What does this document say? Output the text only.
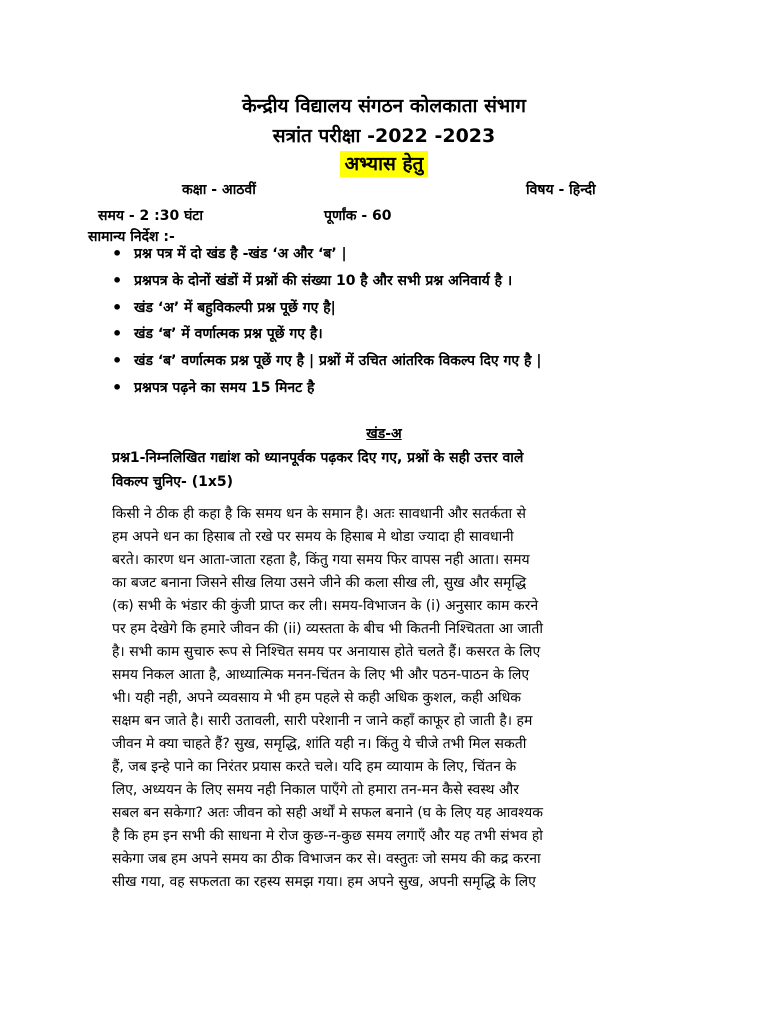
केन्द्रीय विद्यालय संगठन कोलकाता संभाग
सत्रांत परीक्षा -2022 -2023
अभ्यास हेतु
कक्षा - आठवीं	विषय - हिन्दी
समय - 2 :30 घंटा	पूर्णांक - 60
सामान्य निर्देश :-
• प्रश्न पत्र में दो खंड है -खंड ‘अ और ‘ब’ |
• प्रश्नपत्र के दोनों खंडों में प्रश्नों की संख्या 10 है और सभी प्रश्न अनिवार्य है ।
• खंड ‘अ’ में बहुविकल्पी प्रश्न पूछें गए है|
• खंड ‘ब’ में वर्णात्मक प्रश्न पूछें गए है।
• खंड ‘ब’ वर्णात्मक प्रश्न पूछें गए है | प्रश्नों में उचित आंतरिक विकल्प दिए गए है |
• प्रश्नपत्र पढ़ने का समय 15 मिनट है
खंड-अ
प्रश्न1-निम्नलिखित गद्यांश को ध्यानपूर्वक पढ़कर दिए गए, प्रश्नों के सही उत्तर वाले
विकल्प चुनिए- (1x5)
किसी ने ठीक ही कहा है कि समय धन के समान है। अतः सावधानी और सतर्कता से
हम अपने धन का हिसाब तो रखे पर समय के हिसाब मे थोडा ज्यादा ही सावधानी
बरते। कारण धन आता-जाता रहता है, किंतु गया समय फिर वापस नही आता। समय
का बजट बनाना जिसने सीख लिया उसने जीने की कला सीख ली, सुख और समृद्धि
(क) सभी के भंडार की कुंजी प्राप्त कर ली। समय-विभाजन के (i) अनुसार काम करने
पर हम देखेगे कि हमारे जीवन की (ii) व्यस्तता के बीच भी कितनी निश्चितता आ जाती
है। सभी काम सुचारु रूप से निश्चित समय पर अनायास होते चलते हैं। कसरत के लिए
समय निकल आता है, आध्यात्मिक मनन-चिंतन के लिए भी और पठन-पाठन के लिए
भी। यही नही, अपने व्यवसाय मे भी हम पहले से कही अधिक कुशल, कही अधिक
सक्षम बन जाते है। सारी उतावली, सारी परेशानी न जाने कहाँ काफूर हो जाती है। हम
जीवन मे क्या चाहते हैं? सुख, समृद्धि, शांति यही न। किंतु ये चीजे तभी मिल सकती
हैं, जब इन्हे पाने का निरंतर प्रयास करते चले। यदि हम व्यायाम के लिए, चिंतन के
लिए, अध्ययन के लिए समय नही निकाल पाएँगे तो हमारा तन-मन कैसे स्वस्थ और
सबल बन सकेगा? अतः जीवन को सही अर्थों मे सफल बनाने (घ के लिए यह आवश्यक
है कि हम इन सभी की साधना मे रोज कुछ-न-कुछ समय लगाएँ और यह तभी संभव हो
सकेगा जब हम अपने समय का ठीक विभाजन कर से। वस्तुतः जो समय की कद्र करना
सीख गया, वह सफलता का रहस्य समझ गया। हम अपने सुख, अपनी समृद्धि के लिए
